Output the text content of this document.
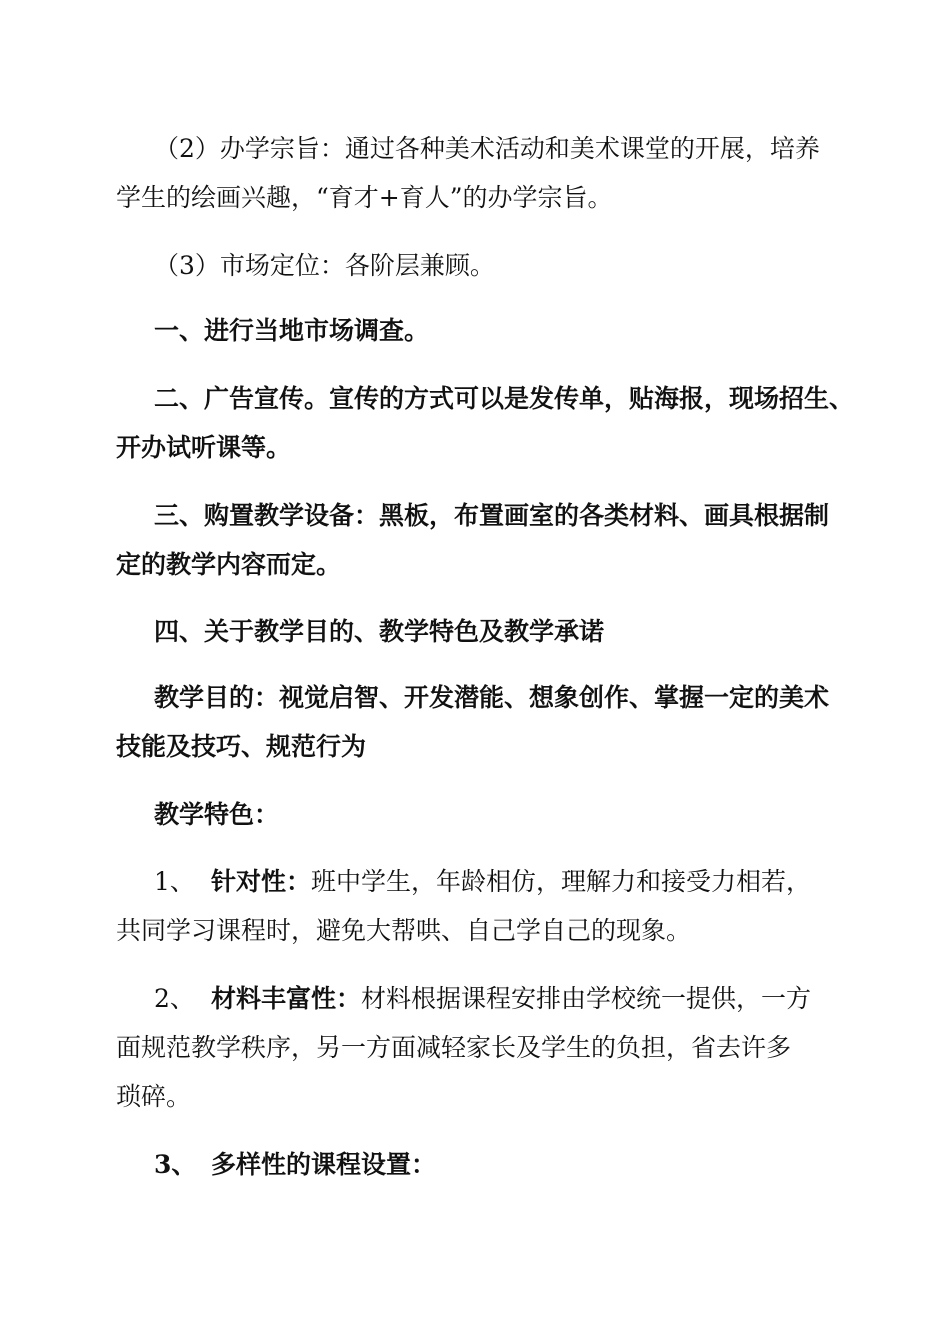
（2）办学宗旨：通过各种美术活动和美术课堂的开展，培养
学生的绘画兴趣，“育才+育人”的办学宗旨。

（3）市场定位：各阶层兼顾。

一、进行当地市场调查。

二、广告宣传。宣传的方式可以是发传单，贴海报，现场招生、
开办试听课等。

三、购置教学设备：黑板，布置画室的各类材料、画具根据制
定的教学内容而定。

四、关于教学目的、教学特色及教学承诺

教学目的：视觉启智、开发潜能、想象创作、掌握一定的美术
技能及技巧、规范行为

教学特色：

1、 针对性：班中学生，年龄相仿，理解力和接受力相若，
共同学习课程时，避免大帮哄、自己学自己的现象。

2、 材料丰富性：材料根据课程安排由学校统一提供，一方
面规范教学秩序，另一方面减轻家长及学生的负担，省去许多
琐碎。

3、 多样性的课程设置：
